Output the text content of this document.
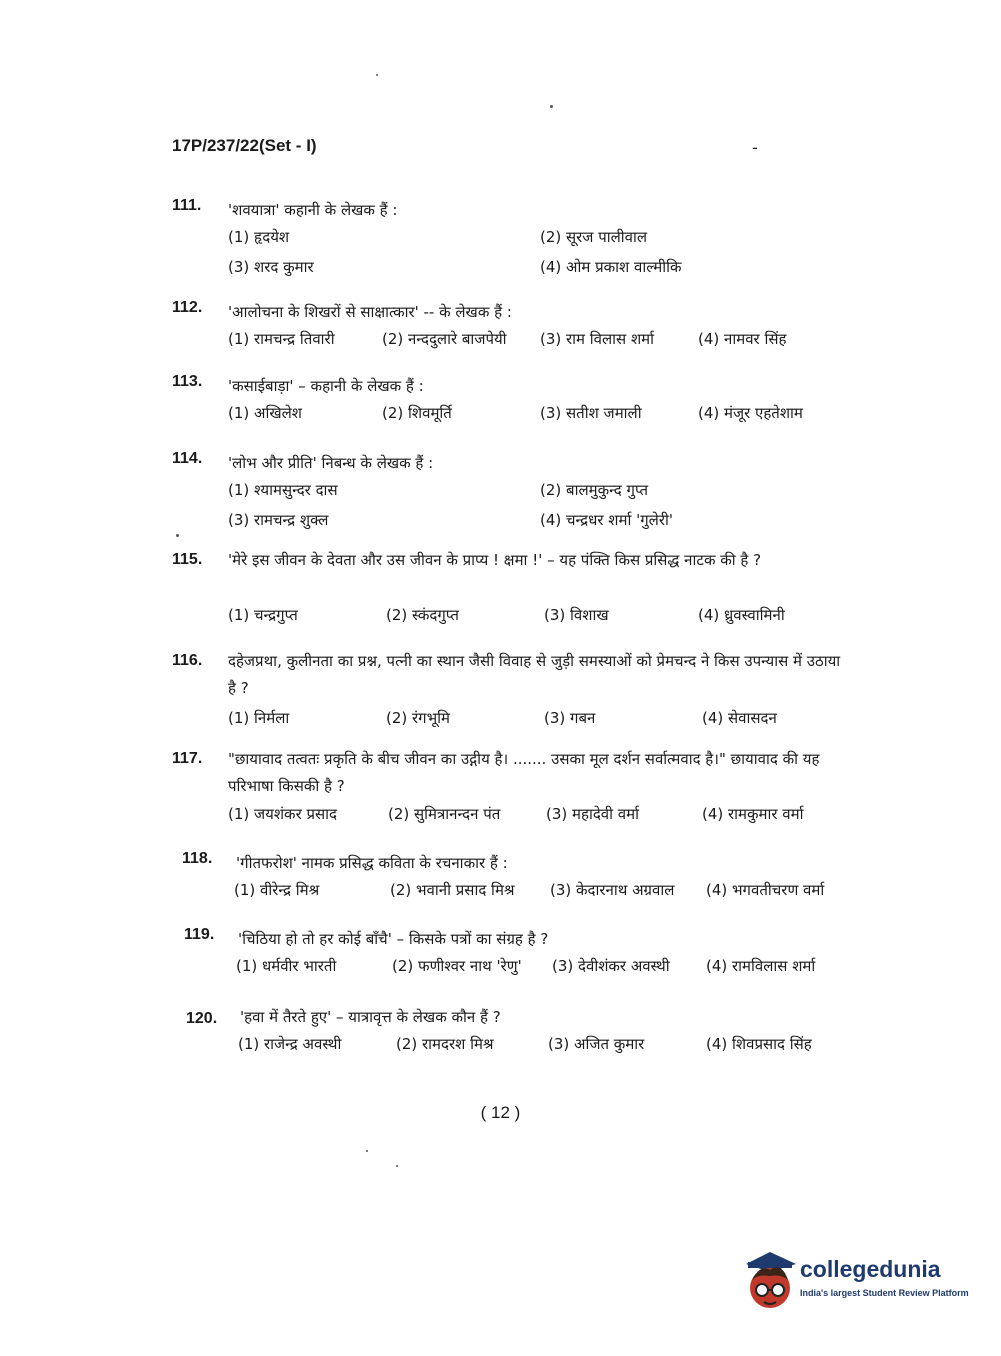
17P/237/22(Set - I)	-
111. 'शवयात्रा' कहानी के लेखक हैं :
(1) हृदयेश	(2) सूरज पालीवाल
(3) शरद कुमार	(4) ओम प्रकाश वाल्मीकि
112. 'आलोचना के शिखरों से साक्षात्कार' -- के लेखक हैं :
(1) रामचन्द्र तिवारी	(2) नन्ददुलारे बाजपेयी (3) राम विलास शर्मा	(4) नामवर सिंह
113. 'कसाईबाड़ा' – कहानी के लेखक हैं :
(1) अखिलेश	(2) शिवमूर्ति	(3) सतीश जमाली	(4) मंजूर एहतेशाम
114. 'लोभ और प्रीति' निबन्ध के लेखक हैं :
(1) श्यामसुन्दर दास	(2) बालमुकुन्द गुप्त
(3) रामचन्द्र शुक्ल	(4) चन्द्रधर शर्मा 'गुलेरी'
115. 'मेरे इस जीवन के देवता और उस जीवन के प्राप्य ! क्षमा !' – यह पंक्ति किस प्रसिद्ध नाटक की है ?
(1) चन्द्रगुप्त	(2) स्कंदगुप्त	(3) विशाख	(4) ध्रुवस्वामिनी
116. दहेजप्रथा, कुलीनता का प्रश्न, पत्नी का स्थान जैसी विवाह से जुड़ी समस्याओं को प्रेमचन्द ने किस उपन्यास में उठाया है ?
(1) निर्मला	(2) रंगभूमि	(3) गबन	(4) सेवासदन
117. "छायावाद तत्वतः प्रकृति के बीच जीवन का उद्गीय है। ....... उसका मूल दर्शन सर्वात्मवाद है।" छायावाद की यह परिभाषा किसकी है ?
(1) जयशंकर प्रसाद	(2) सुमित्रानन्दन पंत	(3) महादेवी वर्मा	(4) रामकुमार वर्मा
118. 'गीतफरोश' नामक प्रसिद्ध कविता के रचनाकार हैं :
(1) वीरेन्द्र मिश्र	(2) भवानी प्रसाद मिश्र (3) केदारनाथ अग्रवाल (4) भगवतीचरण वर्मा
119. 'चिठिया हो तो हर कोई बाँचै' – किसके पत्रों का संग्रह है ?
(1) धर्मवीर भारती	(2) फणीश्वर नाथ 'रेणु' (3) देवीशंकर अवस्थी (4) रामविलास शर्मा
120. 'हवा में तैरते हुए' – यात्रावृत्त के लेखक कौन हैं ?
(1) राजेन्द्र अवस्थी	(2) रामदरश मिश्र	(3) अजित कुमार	(4) शिवप्रसाद सिंह
( 12 )
collegedunia
India's largest Student Review Platform
